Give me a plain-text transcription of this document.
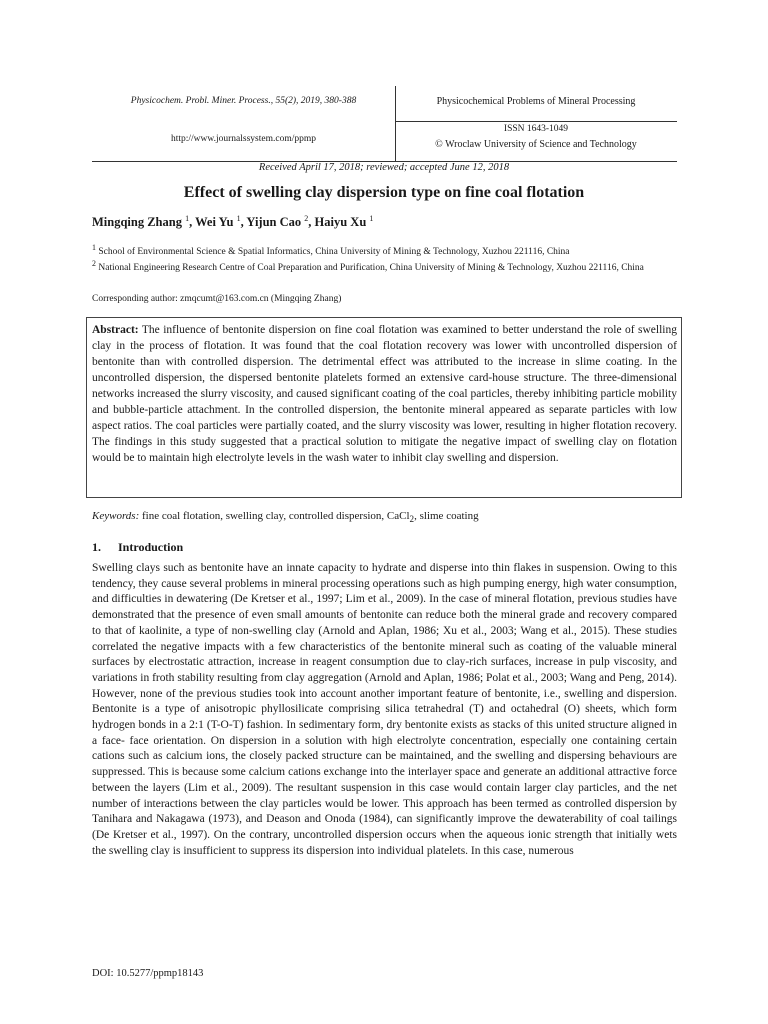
Physicochem. Probl. Miner. Process., 55(2), 2019, 380-388
http://www.journalssystem.com/ppmp
Physicochemical Problems of Mineral Processing
ISSN 1643-1049
© Wroclaw University of Science and Technology
Received April 17, 2018; reviewed; accepted June 12, 2018
Effect of swelling clay dispersion type on fine coal flotation
Mingqing Zhang $^1$, Wei Yu $^1$, Yijun Cao $^2$, Haiyu Xu $^1$
$^1$ School of Environmental Science & Spatial Informatics, China University of Mining & Technology, Xuzhou 221116, China
$^2$ National Engineering Research Centre of Coal Preparation and Purification, China University of Mining & Technology, Xuzhou 221116, China
Corresponding author: zmqcumt@163.com.cn (Mingqing Zhang)

Abstract: The influence of bentonite dispersion on fine coal flotation was examined to better understand the role of swelling clay in the process of flotation. It was found that the coal flotation recovery was lower with uncontrolled dispersion of bentonite than with controlled dispersion. The detrimental effect was attributed to the increase in slime coating. In the uncontrolled dispersion, the dispersed bentonite platelets formed an extensive card-house structure. The three-dimensional networks increased the slurry viscosity, and caused significant coating of the coal particles, thereby inhibiting particle mobility and bubble-particle attachment. In the controlled dispersion, the bentonite mineral appeared as separate particles with low aspect ratios. The coal particles were partially coated, and the slurry viscosity was lower, resulting in higher flotation recovery. The findings in this study suggested that a practical solution to mitigate the negative impact of swelling clay on flotation would be to maintain high electrolyte levels in the wash water to inhibit clay swelling and dispersion.

Keywords: fine coal flotation, swelling clay, controlled dispersion, CaCl$_2$, slime coating
1. Introduction

Swelling clays such as bentonite have an innate capacity to hydrate and disperse into thin flakes in suspension. Owing to this tendency, they cause several problems in mineral processing operations such as high pumping energy, high water consumption, and difficulties in dewatering (De Kretser et al., 1997; Lim et al., 2009). In the case of mineral flotation, previous studies have demonstrated that the presence of even small amounts of bentonite can reduce both the mineral grade and recovery compared to that of kaolinite, a type of non-swelling clay (Arnold and Aplan, 1986; Xu et al., 2003; Wang et al., 2015). These studies correlated the negative impacts with a few characteristics of the bentonite mineral such as coating of the valuable mineral surfaces by electrostatic attraction, increase in reagent consumption due to clay-rich surfaces, increase in pulp viscosity, and variations in froth stability resulting from clay aggregation (Arnold and Aplan, 1986; Polat et al., 2003; Wang and Peng, 2014). However, none of the previous studies took into account another important feature of bentonite, i.e., swelling and dispersion. Bentonite is a type of anisotropic phyllosilicate comprising silica tetrahedral (T) and octahedral (O) sheets, which form hydrogen bonds in a 2:1 (T-O-T) fashion. In sedimentary form, dry bentonite exists as stacks of this united structure aligned in a face- face orientation. On dispersion in a solution with high electrolyte concentration, especially one containing certain cations such as calcium ions, the closely packed structure can be maintained, and the swelling and dispersing behaviours are suppressed. This is because some calcium cations exchange into the interlayer space and generate an additional attractive force between the layers (Lim et al., 2009). The resultant suspension in this case would contain larger clay particles, and the net number of interactions between the clay particles would be lower. This approach has been termed as controlled dispersion by Tanihara and Nakagawa (1973), and Deason and Onoda (1984), can significantly improve the dewaterability of coal tailings (De Kretser et al., 1997). On the contrary, uncontrolled dispersion occurs when the aqueous ionic strength that initially wets the swelling clay is insufficient to suppress its dispersion into individual platelets. In this case, numerous

DOI: 10.5277/ppmp18143
